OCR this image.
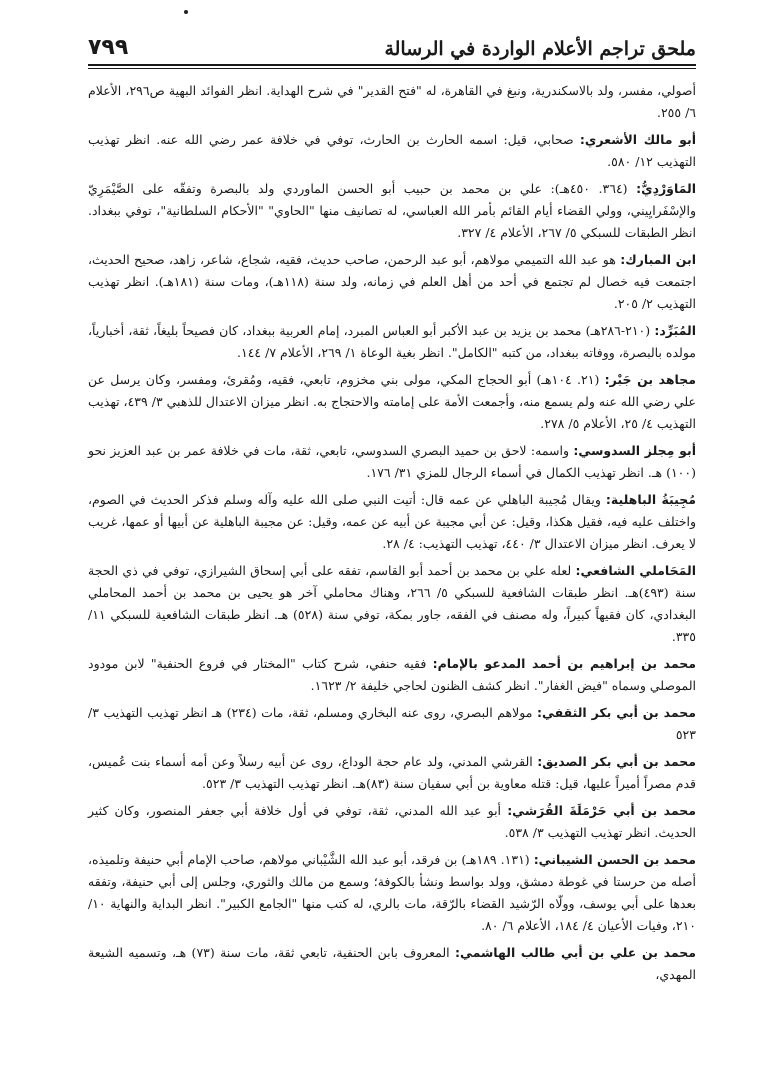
ملحق تراجم الأعلام الواردة في الرسالة
٧٩٩

أصولي، مفسر، ولد بالاسكندرية، ونبغ في القاهرة، له "فتح القدير" في شرح الهداية. انظر الفوائد البهية ص٢٩٦، الأعلام ٦/ ٢٥٥.

أبو مالك الأشعري: صحابي، قيل: اسمه الحارث بن الحارث، توفي في خلافة عمر رضي الله عنه. انظر تهذيب التهذيب ١٢/ ٥٨٠.

المَاوَرْدِيُّ: (٣٦٤. ٤٥٠هـ): علي بن محمد بن حبيب أبو الحسن الماوردي ولد بالبصرة وتفقّه على الصَّيْمَرِيّ والإسْفَرايِيني، وولي القضاء أيام القائم بأمر الله العباسي، له تصانيف منها "الحاوي" "الأحكام السلطانية"، توفي ببغداد. انظر الطبقات للسبكي ٥/ ٢٦٧، الأعلام ٤/ ٣٢٧.

ابن المبارك: هو عبد الله التميمي مولاهم، أبو عبد الرحمن، صاحب حديث، فقيه، شجاع، شاعر، زاهد، صحيح الحديث، اجتمعت فيه خصال لم تجتمع في أحد من أهل العلم في زمانه، ولد سنة (١١٨هـ)، ومات سنة (١٨١هـ). انظر تهذيب التهذيب ٢/ ٢٠٥.

المُبَرِّد: (٢١٠-٢٨٦هـ) محمد بن يزيد بن عبد الأكبر أبو العباس المبرد، إمام العربية ببغداد، كان فصيحاً بليغاً، ثقة، أخبارياً، مولده بالبصرة، ووفاته ببغداد، من كتبه "الكامل". انظر بغية الوعاة ١/ ٢٦٩، الأعلام ٧/ ١٤٤.

مجاهد بن جَبْر: (٢١. ١٠٤هـ) أبو الحجاج المكي، مولى بني مخزوم، تابعي، فقيه، ومُقرئ، ومفسر، وكان يرسل عن علي رضي الله عنه ولم يسمع منه، وأجمعت الأمة على إمامته والاحتجاج به. انظر ميزان الاعتدال للذهبي ٣/ ٤٣٩، تهذيب التهذيب ٤/ ٢٥، الأعلام ٥/ ٢٧٨.

أبو مِجلز السدوسي: واسمه: لاحق بن حميد البصري السدوسي، تابعي، ثقة، مات في خلافة عمر بن عبد العزيز نحو (١٠٠) هـ. انظر تهذيب الكمال في أسماء الرجال للمزي ٣١/ ١٧٦.

مُجِيبَةُ الباهلية: ويقال مُجيبة الباهلي عن عمه قال: أتيت النبي صلى الله عليه وآله وسلم فذكر الحديث في الصوم، واختلف عليه فيه، فقيل هكذا، وقيل: عن أبي مجيبة عن أبيه عن عمه، وقيل: عن مجيبة الباهلية عن أبيها أو عمها، غريب لا يعرف. انظر ميزان الاعتدال ٣/ ٤٤٠، تهذيب التهذيب: ٤/ ٢٨.

المَحَاملي الشافعي: لعله علي بن محمد بن أحمد أبو القاسم، تفقه على أبي إسحاق الشيرازي، توفي في ذي الحجة سنة (٤٩٣)هـ. انظر طبقات الشافعية للسبكي ٥/ ٢٦٦، وهناك محاملي آخر هو يحيى بن محمد بن أحمد المحاملي البغدادي، كان فقيهاً كبيراً، وله مصنف في الفقه، جاور بمكة، توفي سنة (٥٢٨) هـ. انظر طبقات الشافعية للسبكي ١١/ ٣٣٥.

محمد بن إبراهيم بن أحمد المدعو بالإمام: فقيه حنفي، شرح كتاب "المختار في فروع الحنفية" لابن مودود الموصلي وسماه "فيض الغفار". انظر كشف الظنون لحاجي خليفة ٢/ ١٦٢٣.

محمد بن أبي بكر الثقفي: مولاهم البصري، روى عنه البخاري ومسلم، ثقة، مات (٢٣٤) هـ انظر تهذيب التهذيب ٣/ ٥٢٣

محمد بن أبي بكر الصديق: القرشي المدني، ولد عام حجة الوداع، روى عن أبيه رسلاً وعن أمه أسماء بنت عُميس، قدم مصراً أميراً عليها، قيل: قتله معاوية بن أبي سفيان سنة (٨٣)هـ. انظر تهذيب التهذيب ٣/ ٥٢٣.

محمد بن أبي حَرْمَلَةَ القُرَشي: أبو عبد الله المدني، ثقة، توفي في أول خلافة أبي جعفر المنصور، وكان كثير الحديث. انظر تهذيب التهذيب ٣/ ٥٣٨.

محمد بن الحسن الشيباني: (١٣١. ١٨٩هـ) بن فرقد، أبو عبد الله الشَّيْباني مولاهم، صاحب الإمام أبي حنيفة وتلميذه، أصله من حرستا في غوطة دمشق، وولد بواسط ونشأ بالكوفة؛ وسمع من مالك والثوري، وجلس إلى أبي حنيفة، وتفقه بعدها على أبي يوسف، وولّاه الرّشيد القضاء بالرّقة، مات بالري، له كتب منها "الجامع الكبير". انظر البداية والنهاية ١٠/ ٢١٠، وفيات الأعيان ٤/ ١٨٤، الأعلام ٦/ ٨٠.

محمد بن علي بن أبي طالب الهاشمي: المعروف بابن الحنفية، تابعي ثقة، مات سنة (٧٣) هـ، وتسميه الشيعة المهدي،
